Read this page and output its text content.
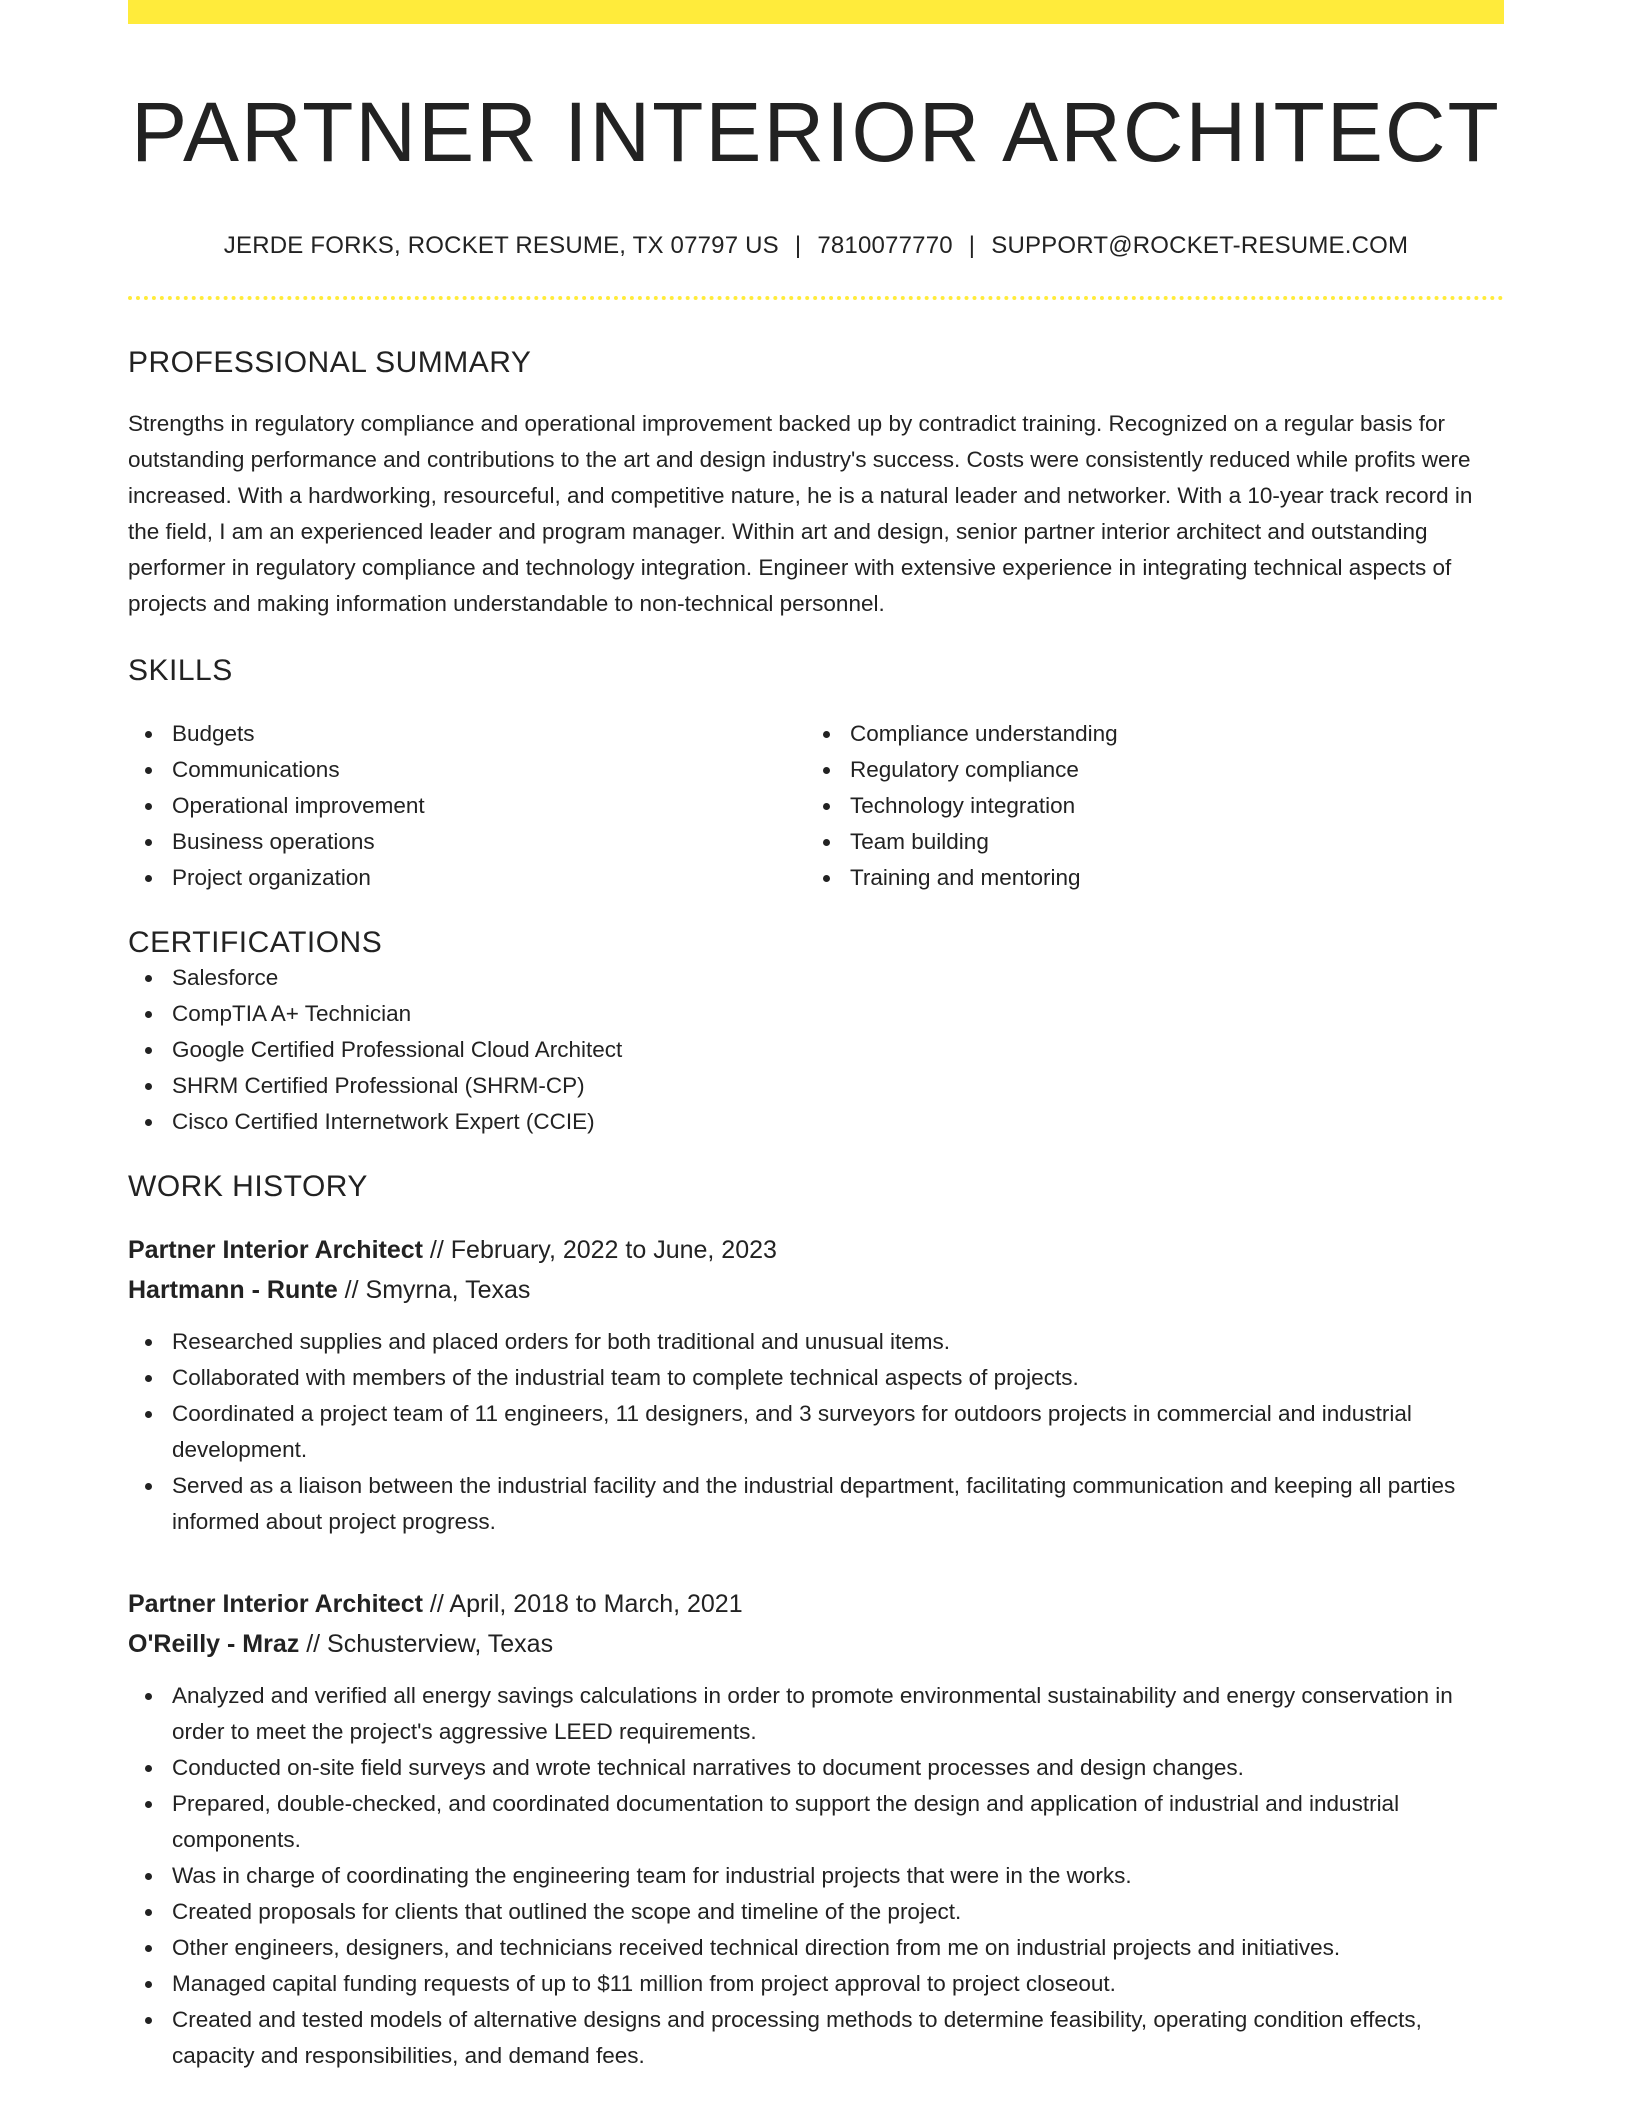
PARTNER INTERIOR ARCHITECT
JERDE FORKS, ROCKET RESUME, TX 07797 US | 7810077770 | SUPPORT@ROCKET-RESUME.COM
PROFESSIONAL SUMMARY

Strengths in regulatory compliance and operational improvement backed up by contradict training. Recognized on a regular basis for outstanding performance and contributions to the art and design industry's success. Costs were consistently reduced while profits were increased. With a hardworking, resourceful, and competitive nature, he is a natural leader and networker. With a 10-year track record in the field, I am an experienced leader and program manager. Within art and design, senior partner interior architect and outstanding performer in regulatory compliance and technology integration. Engineer with extensive experience in integrating technical aspects of projects and making information understandable to non-technical personnel.

SKILLS
Budgets
Communications
Operational improvement
Business operations
Project organization
Compliance understanding
Regulatory compliance
Technology integration
Team building
Training and mentoring
CERTIFICATIONS
Salesforce
CompTIA A+ Technician
Google Certified Professional Cloud Architect
SHRM Certified Professional (SHRM-CP)
Cisco Certified Internetwork Expert (CCIE)
WORK HISTORY
Partner Interior Architect // February, 2022 to June, 2023
Hartmann - Runte // Smyrna, Texas
Researched supplies and placed orders for both traditional and unusual items.
Collaborated with members of the industrial team to complete technical aspects of projects.
Coordinated a project team of 11 engineers, 11 designers, and 3 surveyors for outdoors projects in commercial and industrial development.
Served as a liaison between the industrial facility and the industrial department, facilitating communication and keeping all parties informed about project progress.
Partner Interior Architect // April, 2018 to March, 2021
O'Reilly - Mraz // Schusterview, Texas
Analyzed and verified all energy savings calculations in order to promote environmental sustainability and energy conservation in order to meet the project's aggressive LEED requirements.
Conducted on-site field surveys and wrote technical narratives to document processes and design changes.
Prepared, double-checked, and coordinated documentation to support the design and application of industrial and industrial components.
Was in charge of coordinating the engineering team for industrial projects that were in the works.
Created proposals for clients that outlined the scope and timeline of the project.
Other engineers, designers, and technicians received technical direction from me on industrial projects and initiatives.
Managed capital funding requests of up to $11 million from project approval to project closeout.
Created and tested models of alternative designs and processing methods to determine feasibility, operating condition effects, capacity and responsibilities, and demand fees.
